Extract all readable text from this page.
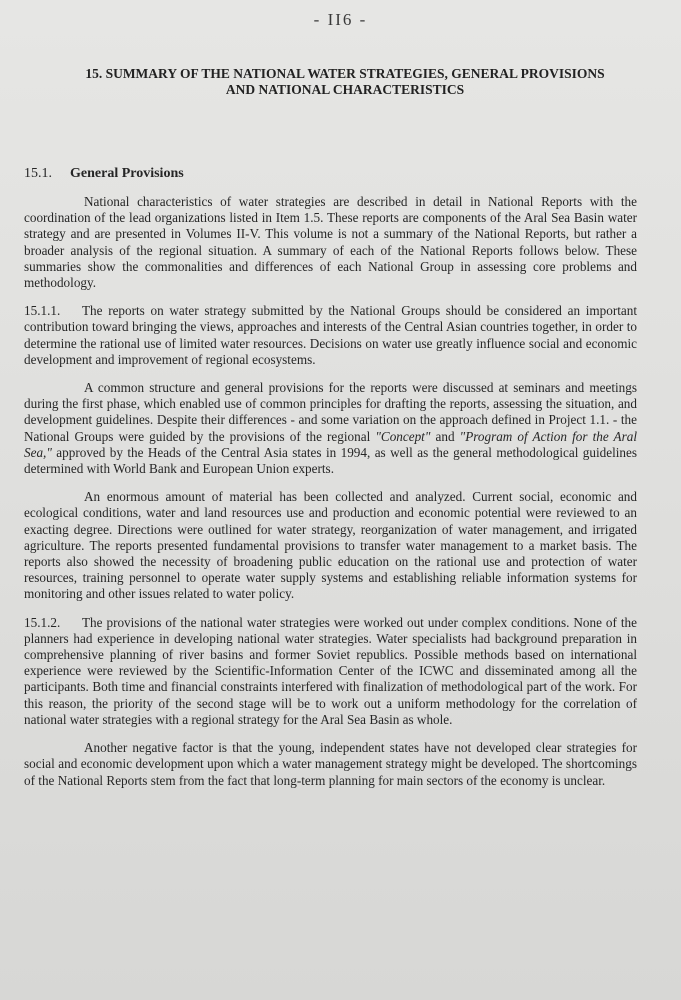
- II6 -
15. SUMMARY OF THE NATIONAL WATER STRATEGIES, GENERAL PROVISIONS
AND NATIONAL CHARACTERISTICS
15.1. General Provisions

National characteristics of water strategies are described in detail in National Reports with the coordination of the lead organizations listed in Item 1.5. These reports are components of the Aral Sea Basin water strategy and are presented in Volumes II-V. This volume is not a summary of the National Reports, but rather a broader analysis of the regional situation. A summary of each of the National Reports follows below. These summaries show the commonalities and differences of each National Group in assessing core problems and methodology.

15.1.1. The reports on water strategy submitted by the National Groups should be considered an important contribution toward bringing the views, approaches and interests of the Central Asian countries together, in order to determine the rational use of limited water resources. Decisions on water use greatly influence social and economic development and improvement of regional ecosystems.

A common structure and general provisions for the reports were discussed at seminars and meetings during the first phase, which enabled use of common principles for drafting the reports, assessing the situation, and development guidelines. Despite their differences - and some variation on the approach defined in Project 1.1. - the National Groups were guided by the provisions of the regional "Concept" and "Program of Action for the Aral Sea," approved by the Heads of the Central Asia states in 1994, as well as the general methodological guidelines determined with World Bank and European Union experts.

An enormous amount of material has been collected and analyzed. Current social, economic and ecological conditions, water and land resources use and production and economic potential were reviewed to an exacting degree. Directions were outlined for water strategy, reorganization of water management, and irrigated agriculture. The reports presented fundamental provisions to transfer water management to a market basis. The reports also showed the necessity of broadening public education on the rational use and protection of water resources, training personnel to operate water supply systems and establishing reliable information systems for monitoring and other issues related to water policy.

15.1.2. The provisions of the national water strategies were worked out under complex conditions. None of the planners had experience in developing national water strategies. Water specialists had background preparation in comprehensive planning of river basins and former Soviet republics. Possible methods based on international experience were reviewed by the Scientific-Information Center of the ICWC and disseminated among all the participants. Both time and financial constraints interfered with finalization of methodological part of the work. For this reason, the priority of the second stage will be to work out a uniform methodology for the correlation of national water strategies with a regional strategy for the Aral Sea Basin as whole.

Another negative factor is that the young, independent states have not developed clear strategies for social and economic development upon which a water management strategy might be developed. The shortcomings of the National Reports stem from the fact that long-term planning for main sectors of the economy is unclear.
